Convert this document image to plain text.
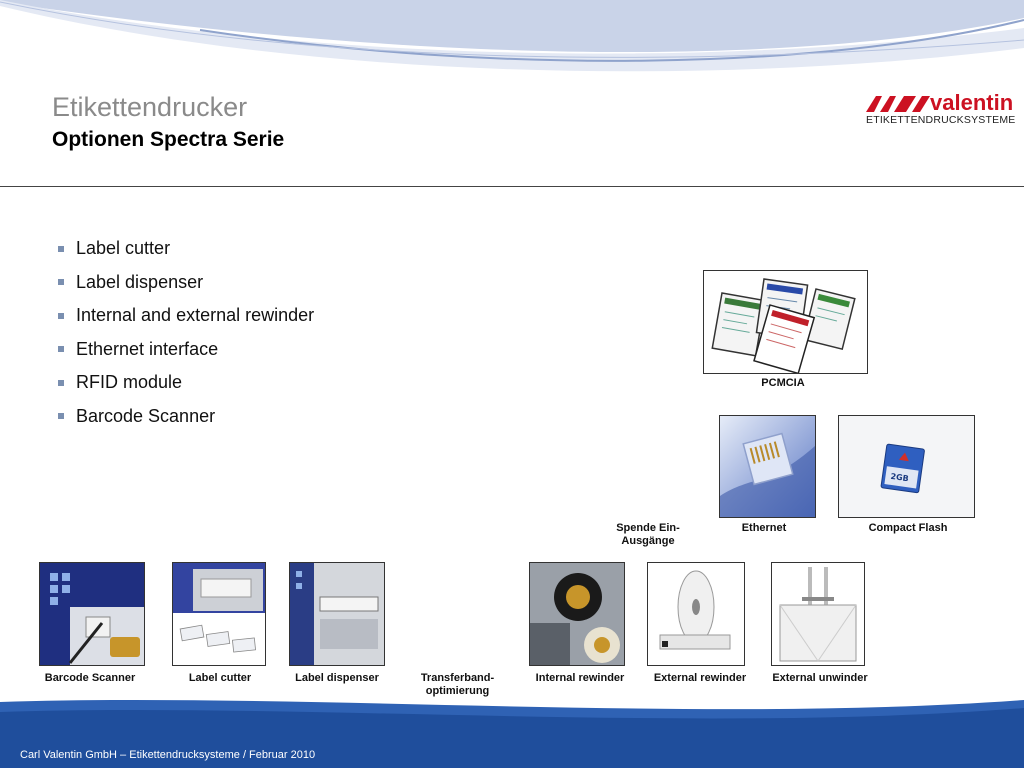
Etikettendrucker
Optionen Spectra Serie
valentin
ETIKETTENDRUCKSYSTEME
Label cutter
Label dispenser
Internal and external rewinder
Ethernet interface
RFID module
Barcode Scanner
PCMCIA
2GB
Spende Ein-
Ausgänge
Ethernet	Compact Flash
Barcode Scanner	Label cutter	Label dispenser	Transferband-
optimierung
Internal rewinder	External rewinder	External unwinder
Carl Valentin GmbH – Etikettendrucksysteme / Februar 2010
